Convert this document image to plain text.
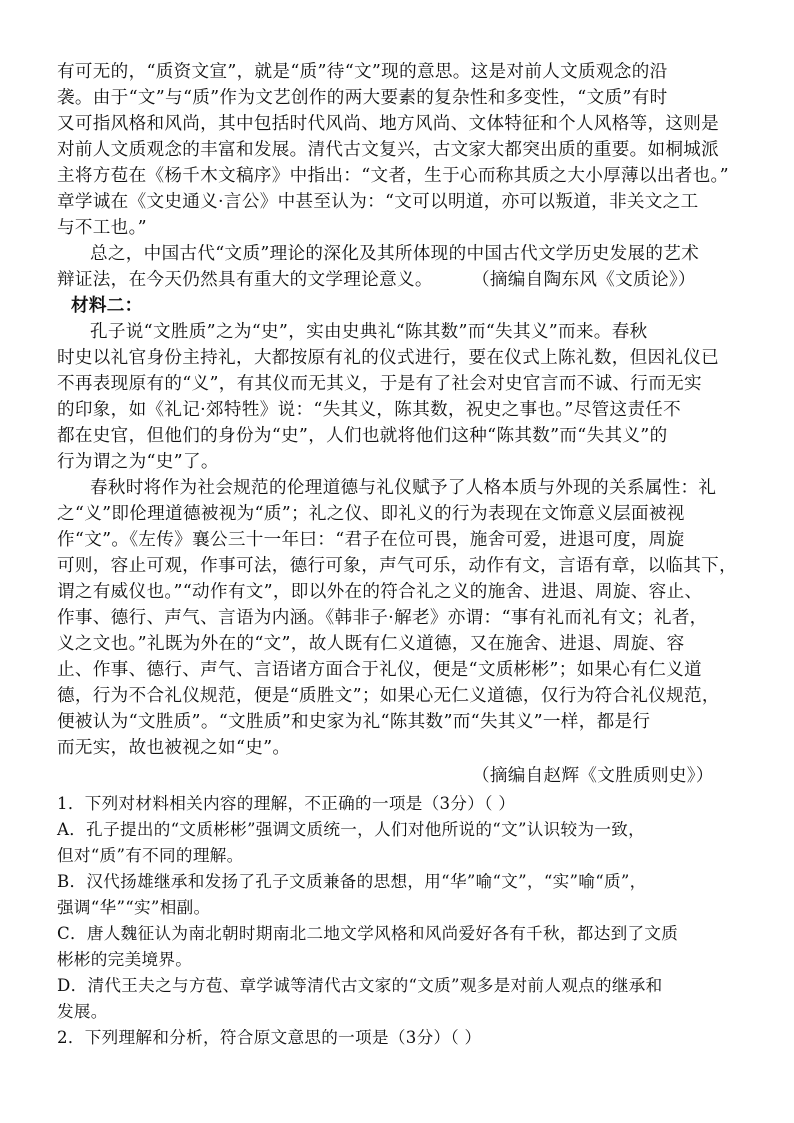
有可无的，“质资文宣”，就是“质”待“文”现的意思。这是对前人文质观念的沿
袭。由于“文”与“质”作为文艺创作的两大要素的复杂性和多变性，“文质”有时
又可指风格和风尚，其中包括时代风尚、地方风尚、文体特征和个人风格等，这则是
对前人文质观念的丰富和发展。清代古文复兴，古文家大都突出质的重要。如桐城派
主将方苞在《杨千木文稿序》中指出：“文者，生于心而称其质之大小厚薄以出者也。”
章学诚在《文史通义·言公》中甚至认为：“文可以明道，亦可以叛道，非关文之工
与不工也。”
总之，中国古代“文质”理论的深化及其所体现的中国古代文学历史发展的艺术
辩证法，在今天仍然具有重大的文学理论意义。 （摘编自陶东风《文质论》）
材料二：
孔子说“文胜质”之为“史”，实由史典礼“陈其数”而“失其义”而来。春秋
时史以礼官身份主持礼，大都按原有礼的仪式进行，要在仪式上陈礼数，但因礼仪已
不再表现原有的“义”，有其仪而无其义，于是有了社会对史官言而不诚、行而无实
的印象，如《礼记·郊特牲》说：“失其义，陈其数，祝史之事也。”尽管这责任不
都在史官，但他们的身份为“史”，人们也就将他们这种“陈其数”而“失其义”的
行为谓之为“史”了。
春秋时将作为社会规范的伦理道德与礼仪赋予了人格本质与外现的关系属性：礼
之“义”即伦理道德被视为“质”；礼之仪、即礼义的行为表现在文饰意义层面被视
作“文”。《左传》襄公三十一年曰：“君子在位可畏，施舍可爱，进退可度，周旋
可则，容止可观，作事可法，德行可象，声气可乐，动作有文，言语有章，以临其下，
谓之有威仪也。”“动作有文”，即以外在的符合礼之义的施舍、进退、周旋、容止、
作事、德行、声气、言语为内涵。《韩非子·解老》亦谓：“事有礼而礼有文；礼者，
义之文也。”礼既为外在的“文”，故人既有仁义道德，又在施舍、进退、周旋、容
止、作事、德行、声气、言语诸方面合于礼仪，便是“文质彬彬”；如果心有仁义道
德，行为不合礼仪规范，便是“质胜文”；如果心无仁义道德，仅行为符合礼仪规范，
便被认为“文胜质”。“文胜质”和史家为礼“陈其数”而“失其义”一样，都是行
而无实，故也被视之如“史”。
（摘编自赵辉《文胜质则史》）
1．下列对材料相关内容的理解，不正确的一项是（3分）（ ）
A．孔子提出的“文质彬彬”强调文质统一，人们对他所说的“文”认识较为一致，
但对“质”有不同的理解。
B．汉代扬雄继承和发扬了孔子文质兼备的思想，用“华”喻“文”，“实”喻“质”，
强调“华”“实”相副。
C．唐人魏征认为南北朝时期南北二地文学风格和风尚爱好各有千秋，都达到了文质
彬彬的完美境界。
D．清代王夫之与方苞、章学诚等清代古文家的“文质”观多是对前人观点的继承和
发展。
2．下列理解和分析，符合原文意思的一项是（3分）（ ）
